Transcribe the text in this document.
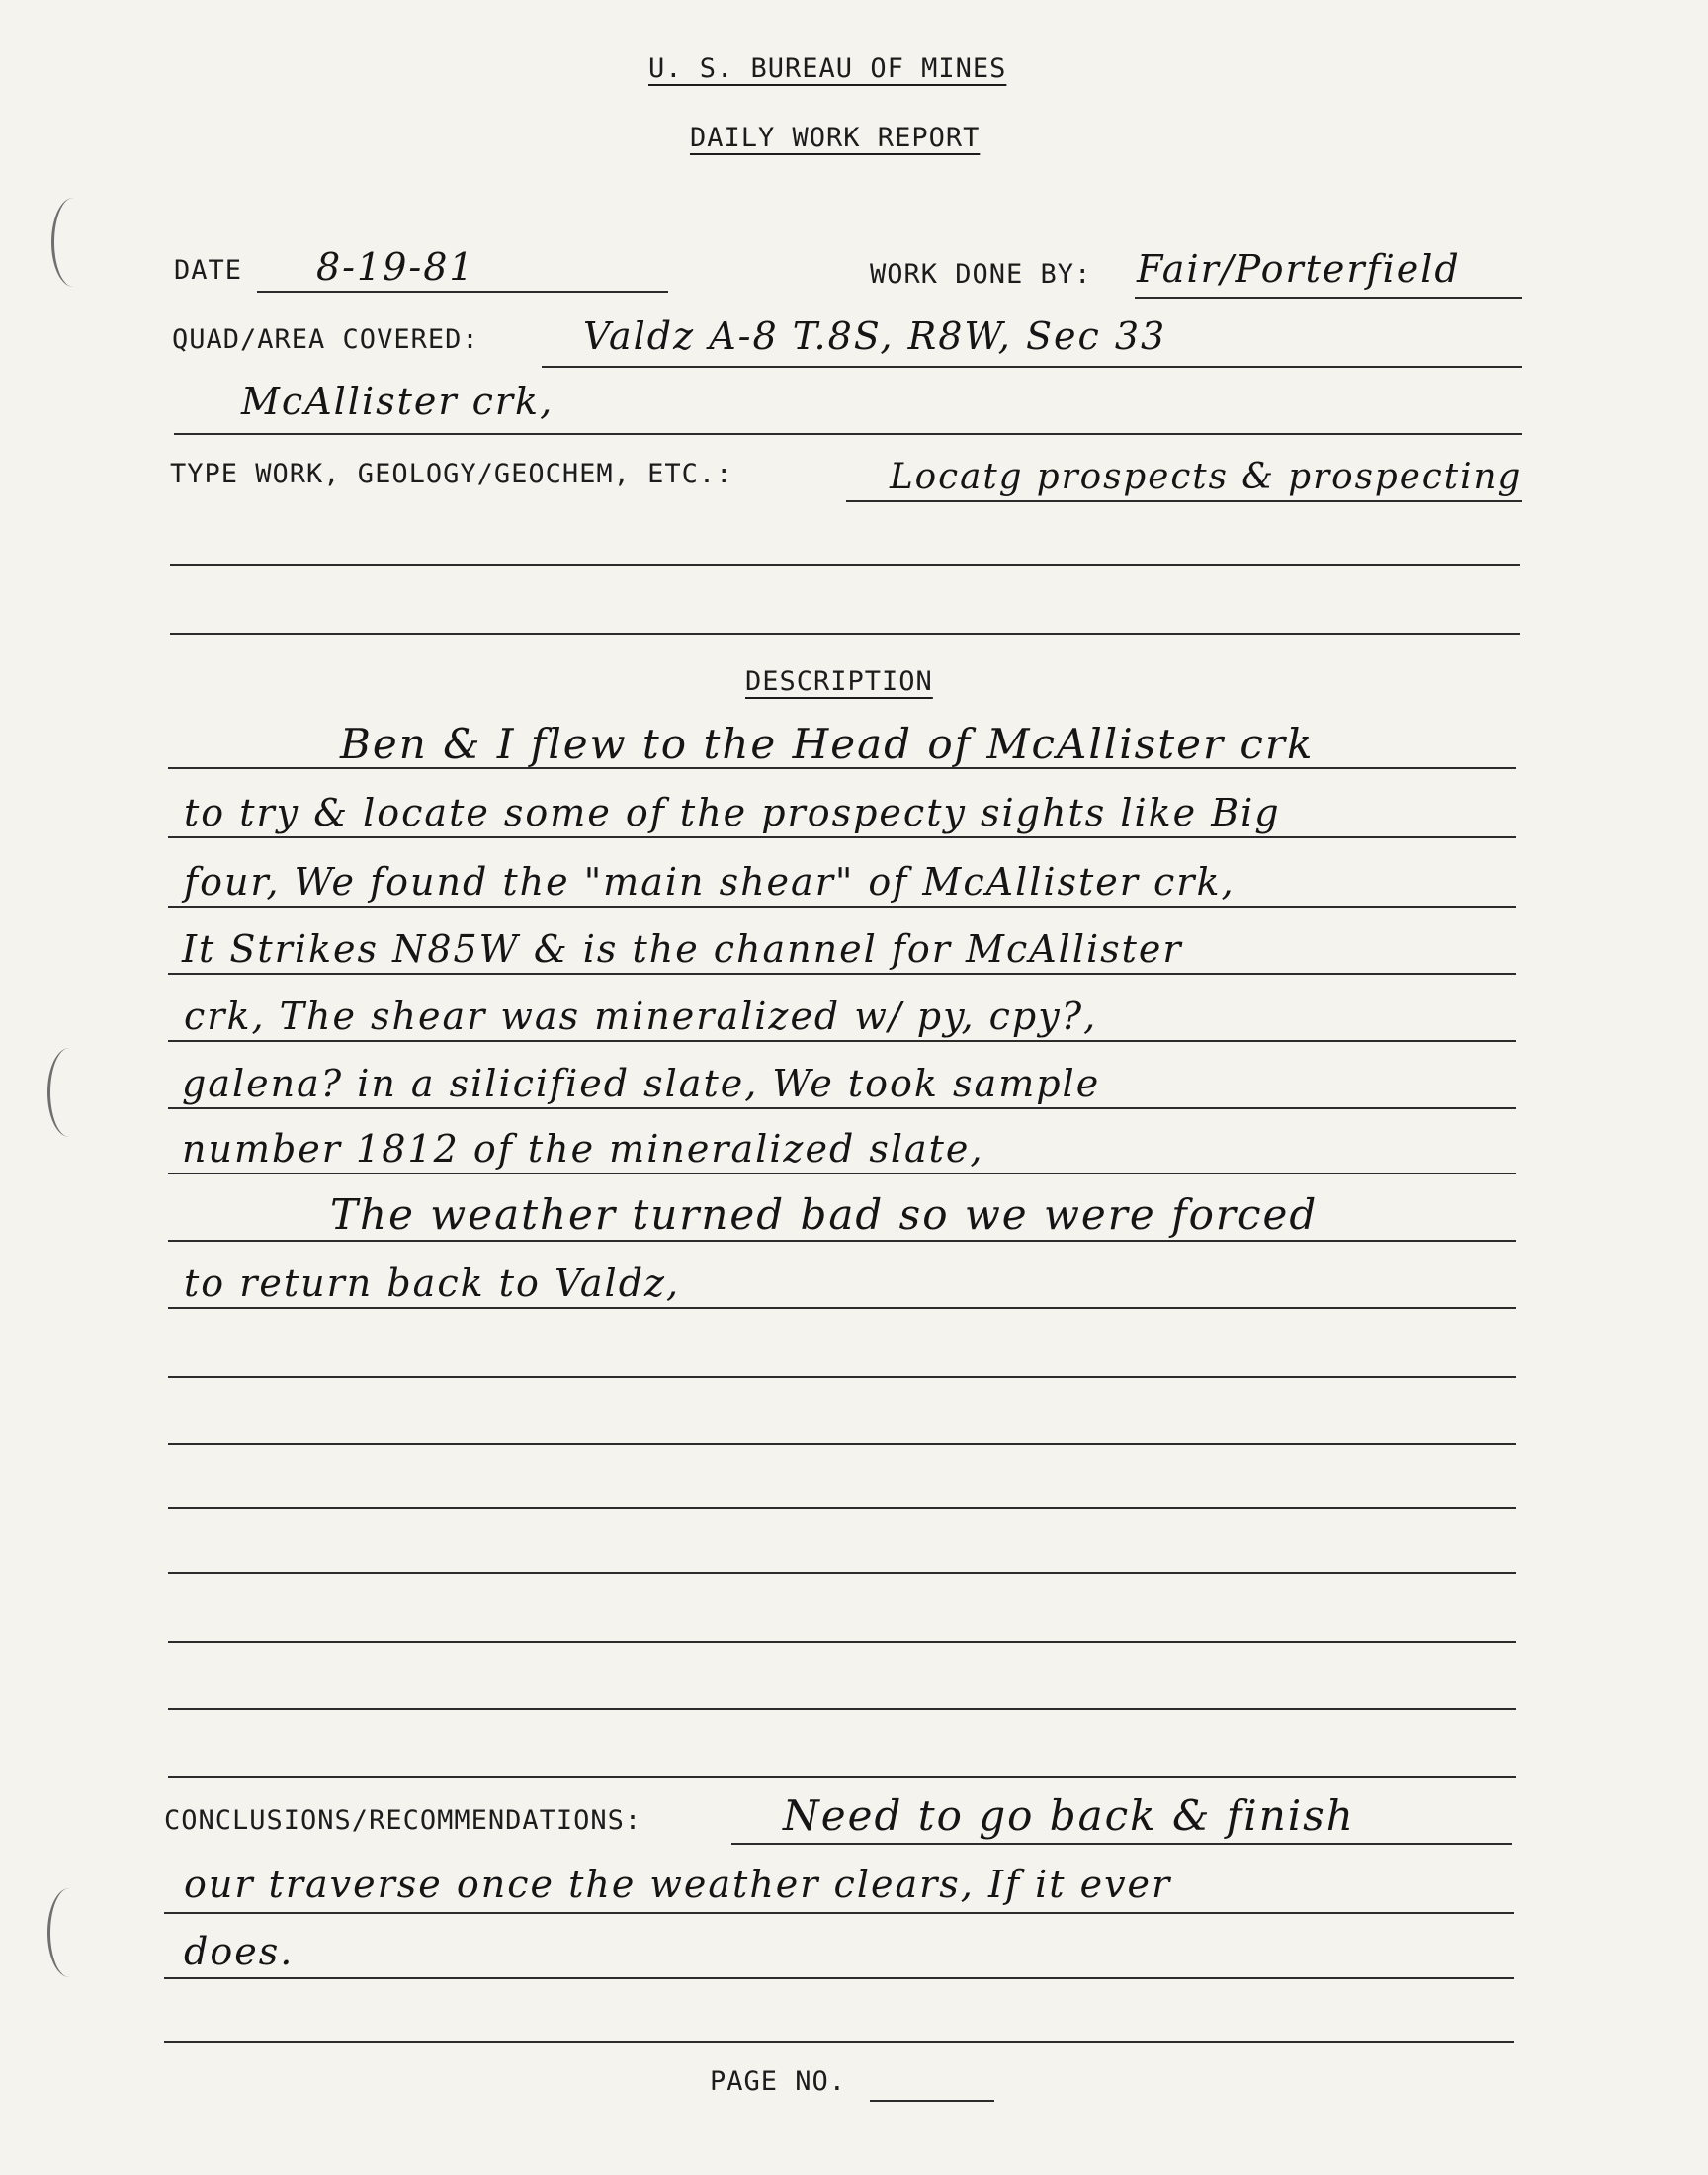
U. S. BUREAU OF MINES
DAILY WORK REPORT
DATE 8-19-81	WORK DONE BY: Fair/Porterfield
QUAD/AREA COVERED:	Valdz A-8 T.8S, R8W, Sec 33
McAllister crk,
TYPE WORK, GEOLOGY/GEOCHEM, ETC.:	Locatg prospects & prospecting
DESCRIPTION
Ben & I flew to the Head of McAllister crk
to try & locate some of the prospecty sights like Big
four, We found the "main shear" of McAllister crk,
It Strikes N85W & is the channel for McAllister
crk, The shear was mineralized w/ py, cpy?,
galena? in a silicified slate, We took sample
number 1812 of the mineralized slate,
The weather turned bad so we were forced
to return back to Valdz,
CONCLUSIONS/RECOMMENDATIONS:	Need to go back & finish
our traverse once the weather clears, If it ever
does.
PAGE NO.
